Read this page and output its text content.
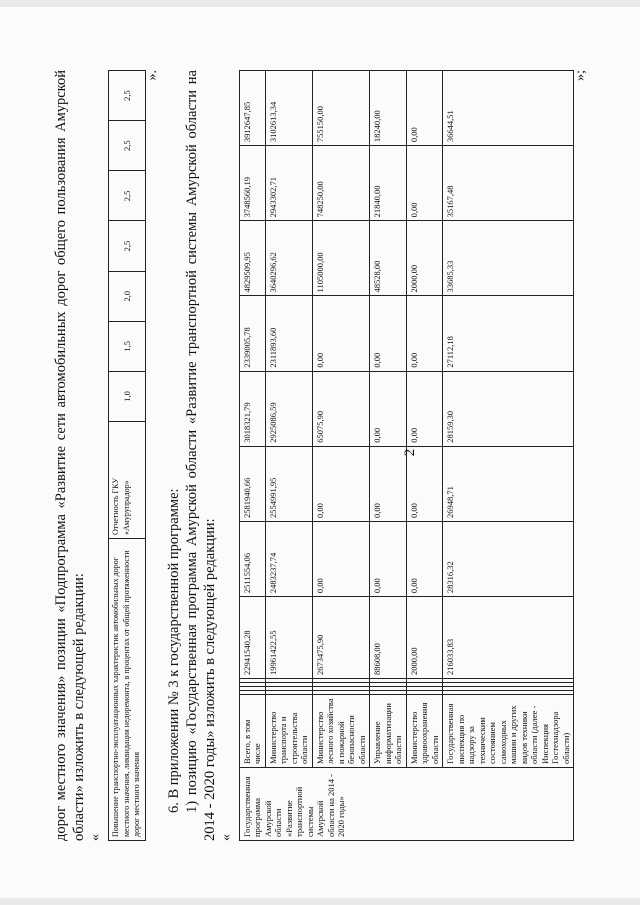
2

дорог местного значения» позиции «Подпрограмма «Развитие сети автомобильных дорог общего пользования Амурской области» изложить в следующей редакции: «

Повышение транспортно-эксплуатационных характеристик автомобильных дорог местного значения, ликвидация недоремонта, в процентах от общей протяженности дорог местного значения	Отчетность ГКУ «Амурупрадор»	1,0	1,5	2,0	2,5	2,5	2,5	2,5

».

6. В приложении № 3 к государственной программе: 1) позицию «Государственная программа Амурской области «Развитие транспортной системы Амурской области на 2014 - 2020 годы» изложить в следующей редакции: «

Государственная программа Амурской области «Развитие транспортной системы Амурской области на 2014 - 2020 годы»	Всего, в том числе					22941540,28	2511554,06	2581940,66	3018321,79	2339005,78	4829509,95	3748560,19	3912647,85
	Министерство транспорта и строительства области					19961422,55	2483237,74	2554991,95	2925086,59	2311893,60	3640296,62	2943302,71	3102613,34
	Министерство лесного хозяйства и пожарной безопасности области					2673475,90	0,00	0,00	65075,90	0,00	1105000,00	748250,00	755150,00
	Управление информатизации области					88608,00	0,00	0,00	0,00	0,00	48528,00	21840,00	18240,00
	Министерство здравоохранения области					2000,00	0,00	0,00	0,00	0,00	2000,00	0,00	0,00
	Государственная инспекция по надзору за техническим состоянием самоходных машин и других видов техники области (далее - Инспекция Гостехнадзора области)					216033,83	28316,32	26948,71	28159,30	27112,18	33685,33	35167,48	36644,51

»;
